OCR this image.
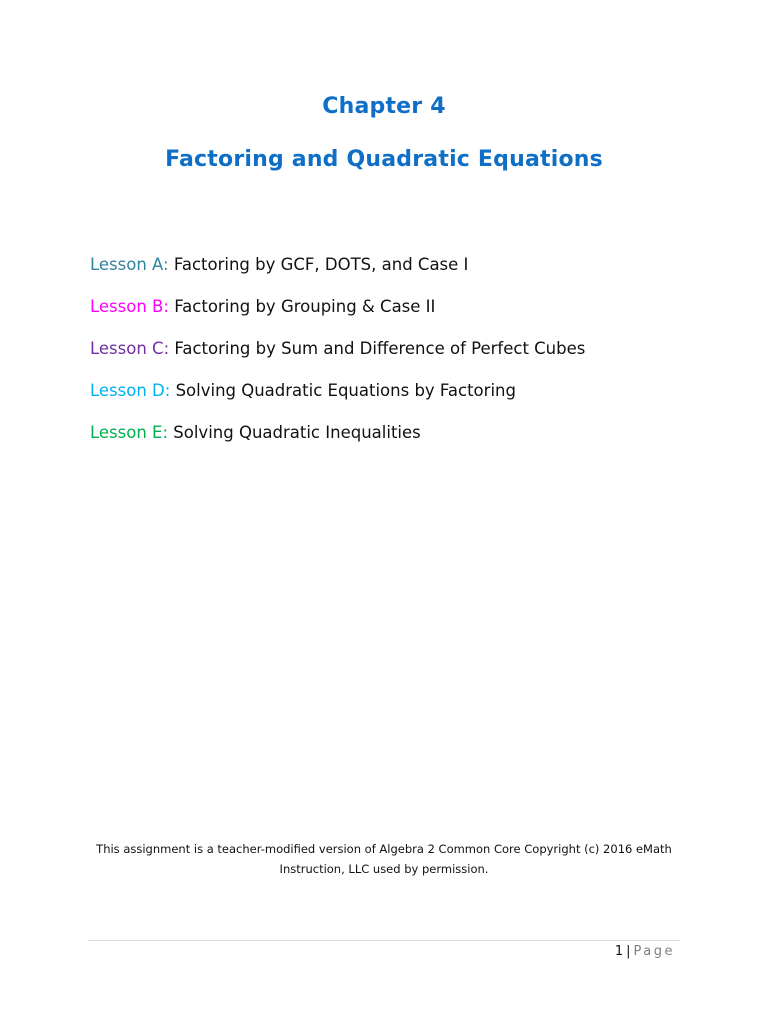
Chapter 4
Factoring and Quadratic Equations
Lesson A: Factoring by GCF, DOTS, and Case I
Lesson B: Factoring by Grouping & Case II
Lesson C: Factoring by Sum and Difference of Perfect Cubes
Lesson D: Solving Quadratic Equations by Factoring
Lesson E: Solving Quadratic Inequalities
This assignment is a teacher-modified version of Algebra 2 Common Core Copyright (c) 2016 eMath Instruction, LLC used by permission.
1 | Page
